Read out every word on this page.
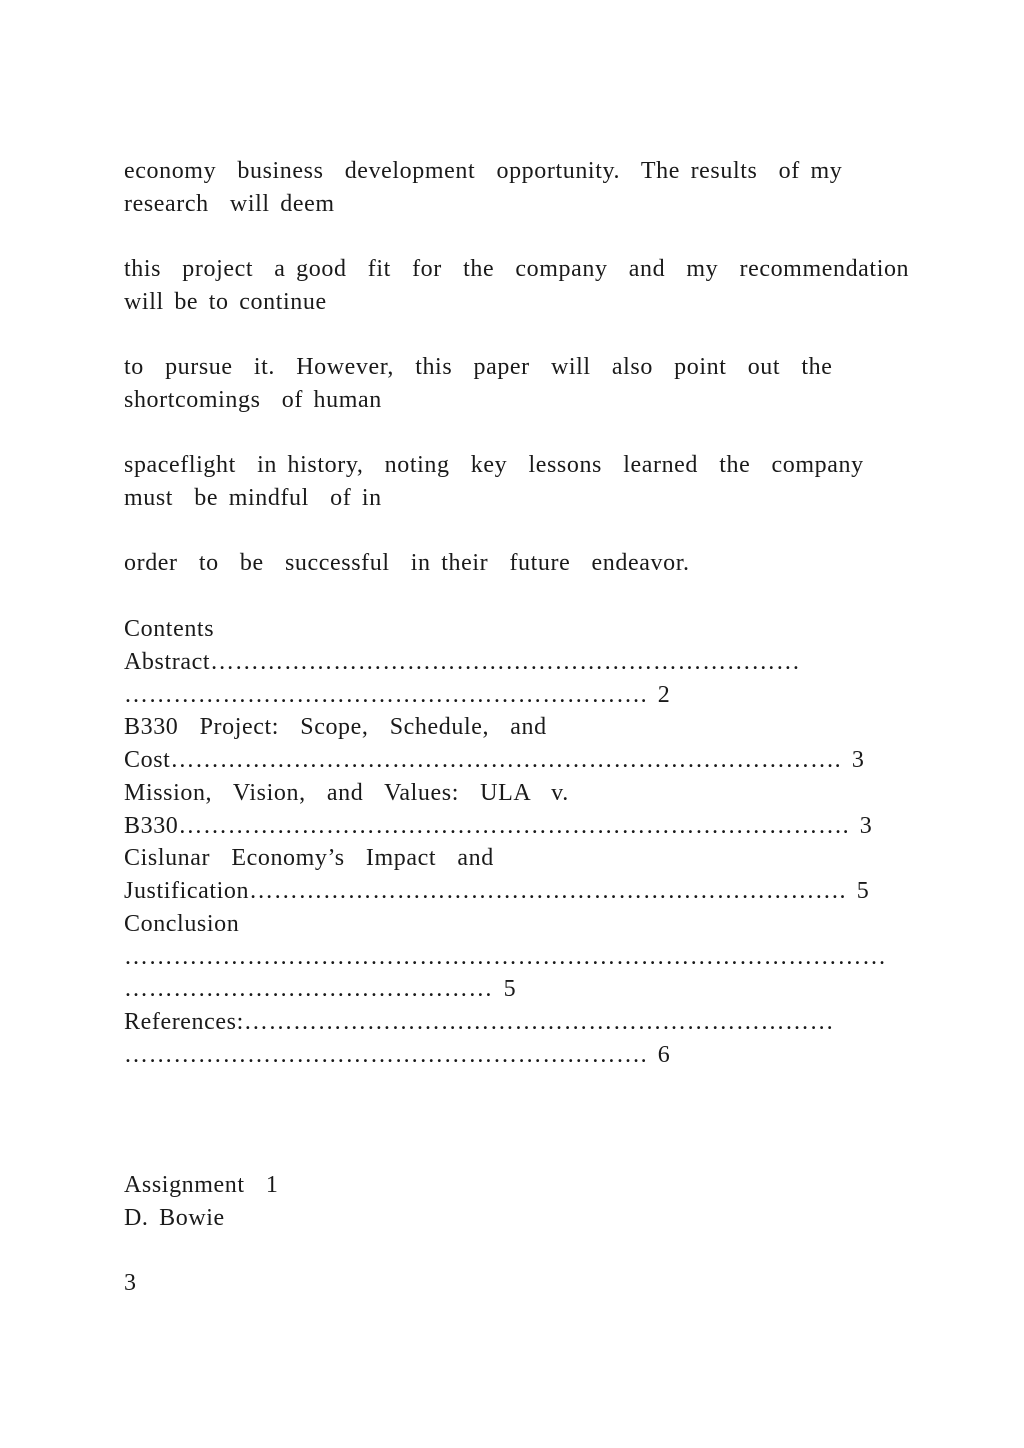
economy  business  development  opportunity.  The results  of my
research  will deem
this  project  a good  fit  for  the  company  and  my  recommendation
will be to continue
to  pursue  it.  However,  this  paper  will  also  point  out  the
shortcomings  of human
spaceflight  in history,  noting  key  lessons  learned  the  company
must  be mindful  of in
order  to  be  successful  in their  future  endeavor.
Contents
Abstract………………………………………………………………
………………………………………………………. 2
B330  Project:  Scope,  Schedule,  and
Cost………………………………………………………………………. 3
Mission,  Vision,  and  Values:  ULA  v.
B330………………………………………………………………………. 3
Cislunar  Economy’s  Impact  and
Justification………………………………………………………………. 5
Conclusion
…………………………………………………………………………………
……………………………………… 5
References:………………………………………………………………
………………………………………………………. 6
Assignment  1
D. Bowie
3
